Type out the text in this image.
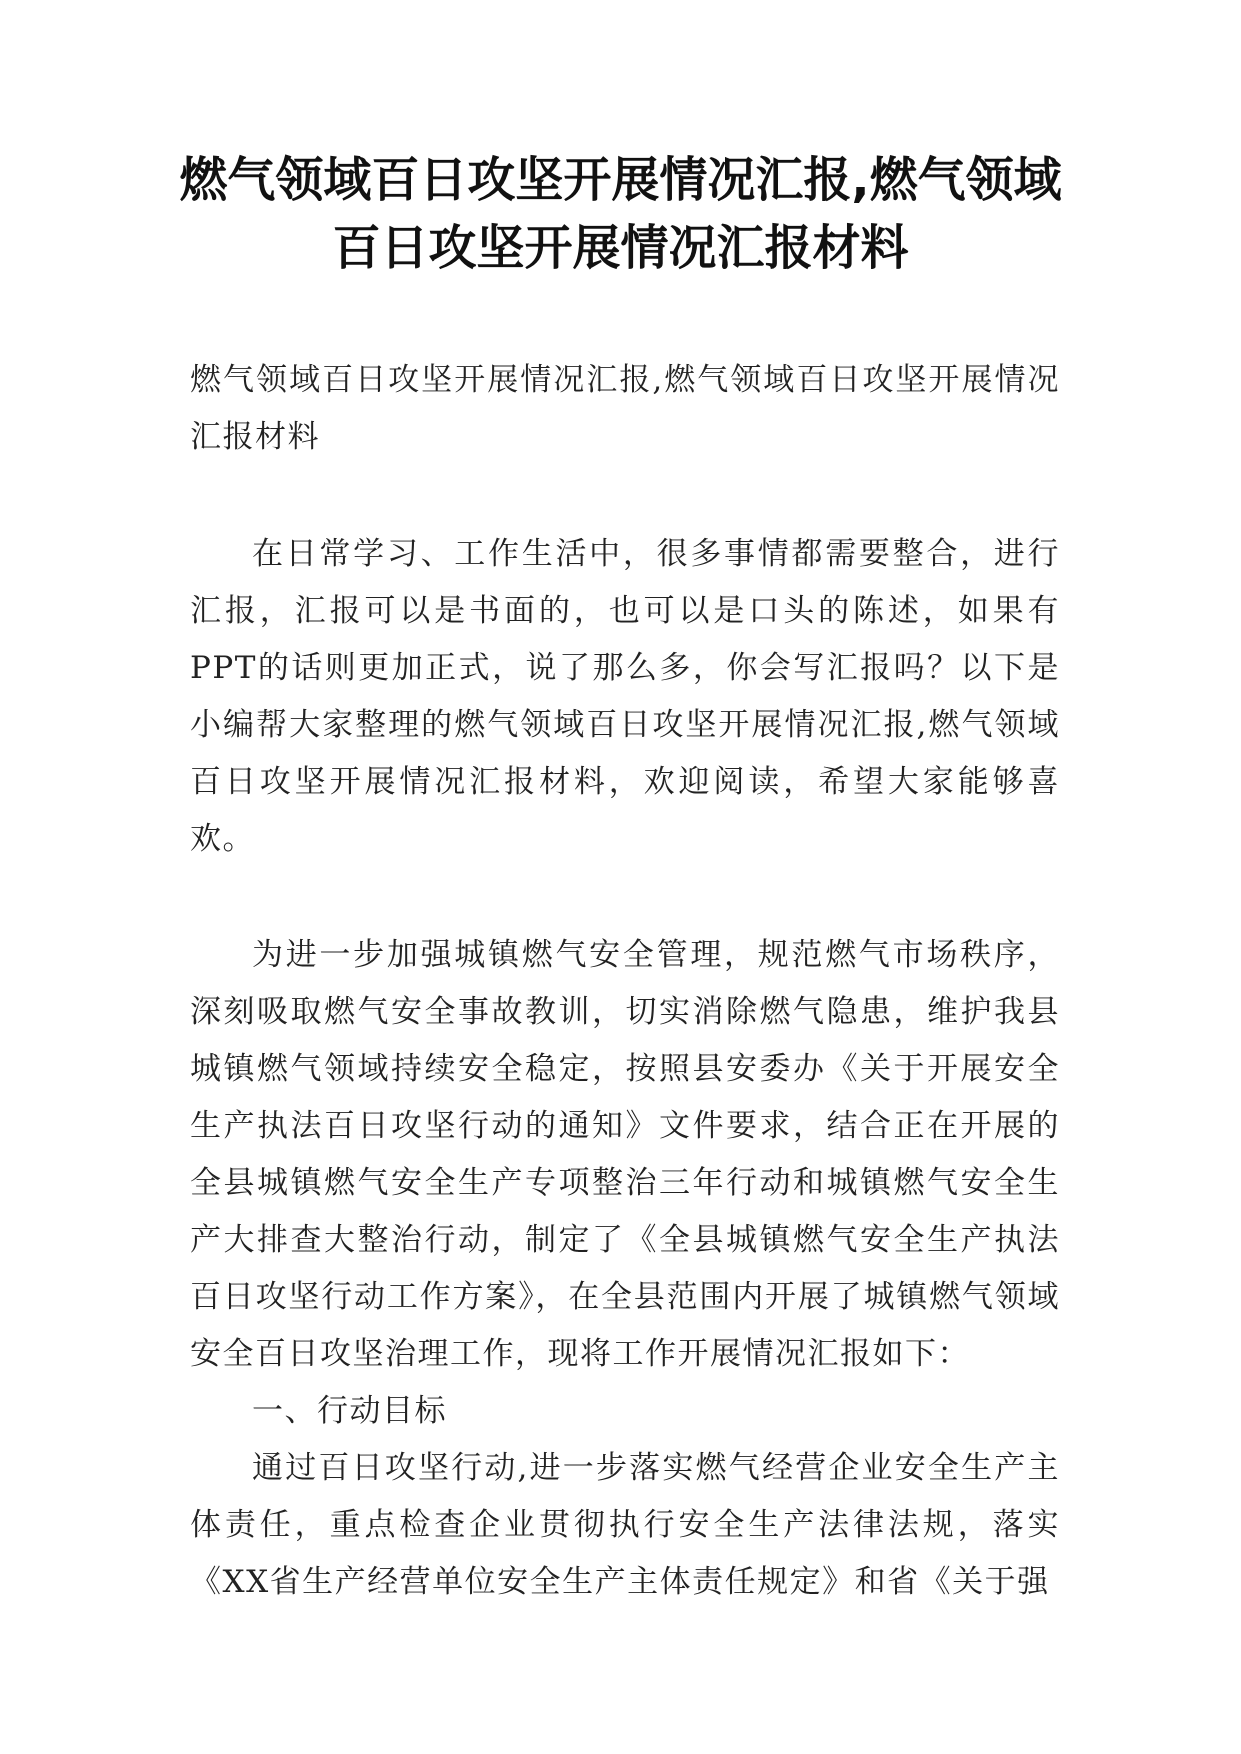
燃气领域百日攻坚开展情况汇报,燃气领域
百日攻坚开展情况汇报材料

燃气领域百日攻坚开展情况汇报,燃气领域百日攻坚开展情况汇报材料

在日常学习、工作生活中，很多事情都需要整合，进行汇报，汇报可以是书面的，也可以是口头的陈述，如果有PPT的话则更加正式，说了那么多，你会写汇报吗？以下是小编帮大家整理的燃气领域百日攻坚开展情况汇报,燃气领域百日攻坚开展情况汇报材料，欢迎阅读，希望大家能够喜欢。

为进一步加强城镇燃气安全管理，规范燃气市场秩序，深刻吸取燃气安全事故教训，切实消除燃气隐患，维护我县城镇燃气领域持续安全稳定，按照县安委办《关于开展安全生产执法百日攻坚行动的通知》文件要求，结合正在开展的全县城镇燃气安全生产专项整治三年行动和城镇燃气安全生产大排查大整治行动，制定了《全县城镇燃气安全生产执法百日攻坚行动工作方案》，在全县范围内开展了城镇燃气领域安全百日攻坚治理工作，现将工作开展情况汇报如下：

一、行动目标

通过百日攻坚行动,进一步落实燃气经营企业安全生产主体责任，重点检查企业贯彻执行安全生产法律法规，落实《XX省生产经营单位安全生产主体责任规定》和省《关于强
